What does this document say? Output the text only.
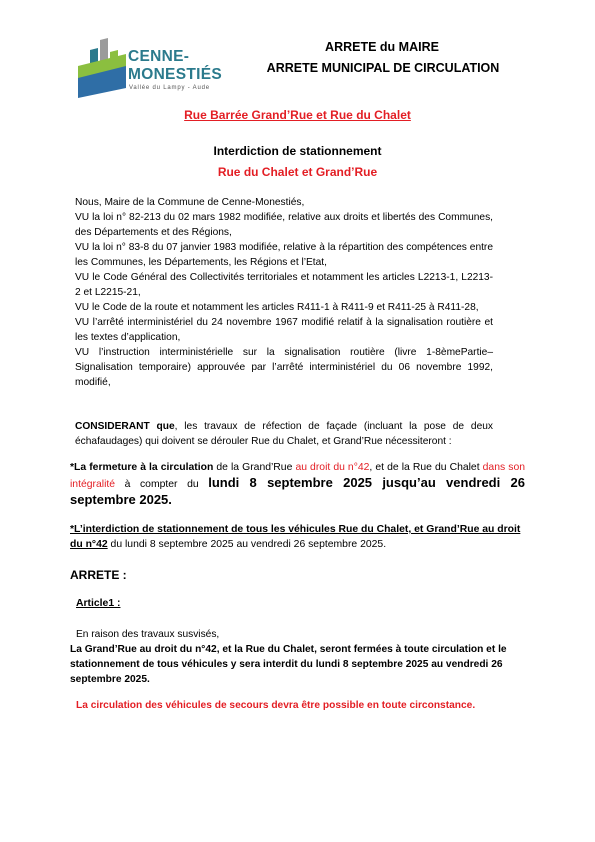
CENNE-
MONESTIÉS
Vallée du Lampy - Aude
ARRETE du MAIRE
ARRETE MUNICIPAL DE CIRCULATION
Rue Barrée Grand’Rue et Rue du Chalet
Interdiction de stationnement
Rue du Chalet et Grand’Rue

Nous, Maire de la Commune de Cenne-Monestiés,

VU la loi n° 82-213 du 02 mars 1982 modifiée, relative aux droits et libertés des Communes, des Départements et des Régions,

VU la loi n° 83-8 du 07 janvier 1983 modifiée, relative à la répartition des compétences entre les Communes, les Départements, les Régions et l’Etat,

VU le Code Général des Collectivités territoriales et notamment les articles L2213-1, L2213-2 et L2215-21,

VU le Code de la route et notamment les articles R411-1 à R411-9 et R411-25 à R411-28,

VU l’arrêté interministériel du 24 novembre 1967 modifié relatif à la signalisation routière et les textes d’application,

VU l’instruction interministérielle sur la signalisation routière (livre 1-8èmePartie– Signalisation temporaire) approuvée par l’arrêté interministériel du 06 novembre 1992, modifié,

CONSIDERANT que, les travaux de réfection de façade (incluant la pose de deux échafaudages) qui doivent se dérouler Rue du Chalet, et Grand’Rue nécessiteront :
*La fermeture à la circulation de la Grand’Rue au droit du n°42, et de la Rue du Chalet dans son intégralité à compter du lundi 8 septembre 2025 jusqu’au vendredi 26 septembre 2025.
*L’interdiction de stationnement de tous les véhicules Rue du Chalet, et Grand’Rue au droit du n°42 du lundi 8 septembre 2025 au vendredi 26 septembre 2025.
ARRETE :
Article1 :
En raison des travaux susvisés,
La Grand’Rue au droit du n°42, et la Rue du Chalet, seront fermées à toute circulation et le stationnement de tous véhicules y sera interdit du lundi 8 septembre 2025 au vendredi 26 septembre 2025.
La circulation des véhicules de secours devra être possible en toute circonstance.
